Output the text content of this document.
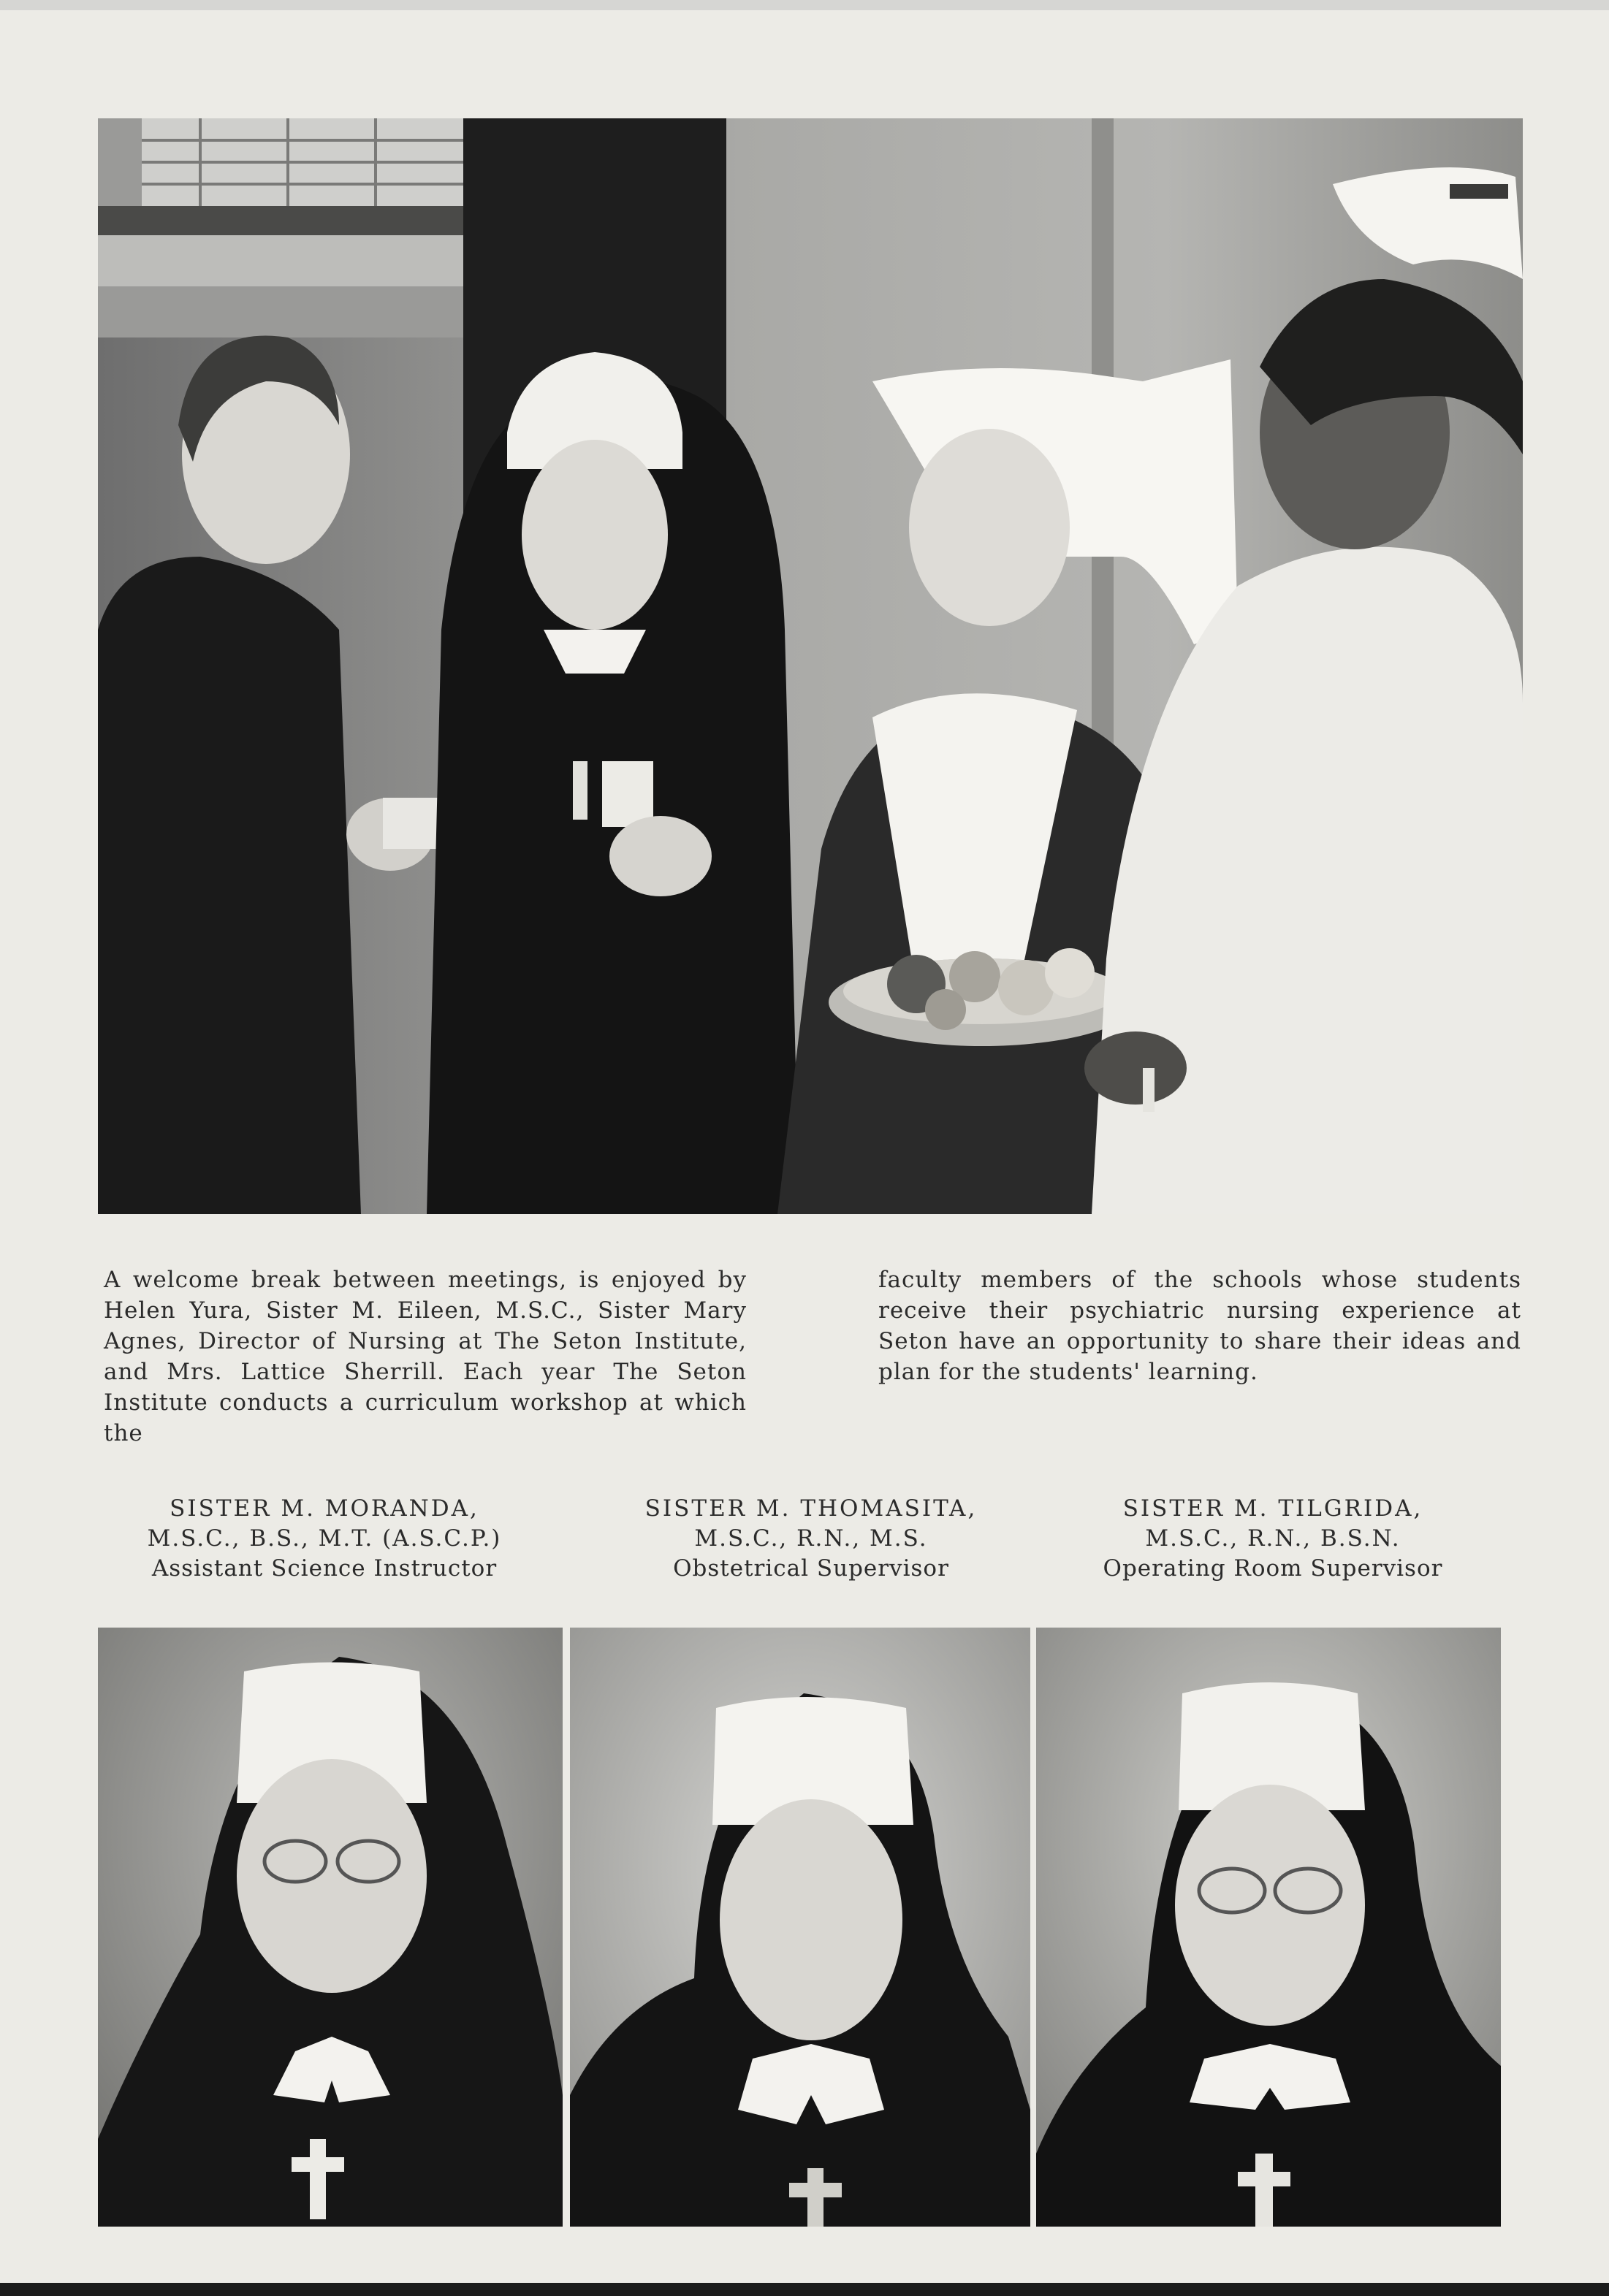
A welcome break between meetings, is enjoyed by Helen Yura, Sister M. Eileen, M.S.C., Sister Mary Agnes, Director of Nursing at The Seton Institute, and Mrs. Lattice Sherrill. Each year The Seton Institute conducts a curriculum workshop at which the

faculty members of the schools whose students receive their psychiatric nursing experience at Seton have an opportunity to share their ideas and plan for the students' learning.

SISTER M. MORANDA,
M.S.C., B.S., M.T. (A.S.C.P.)
Assistant Science Instructor
SISTER M. THOMASITA,
M.S.C., R.N., M.S.
Obstetrical Supervisor
SISTER M. TILGRIDA,
M.S.C., R.N., B.S.N.
Operating Room Supervisor
